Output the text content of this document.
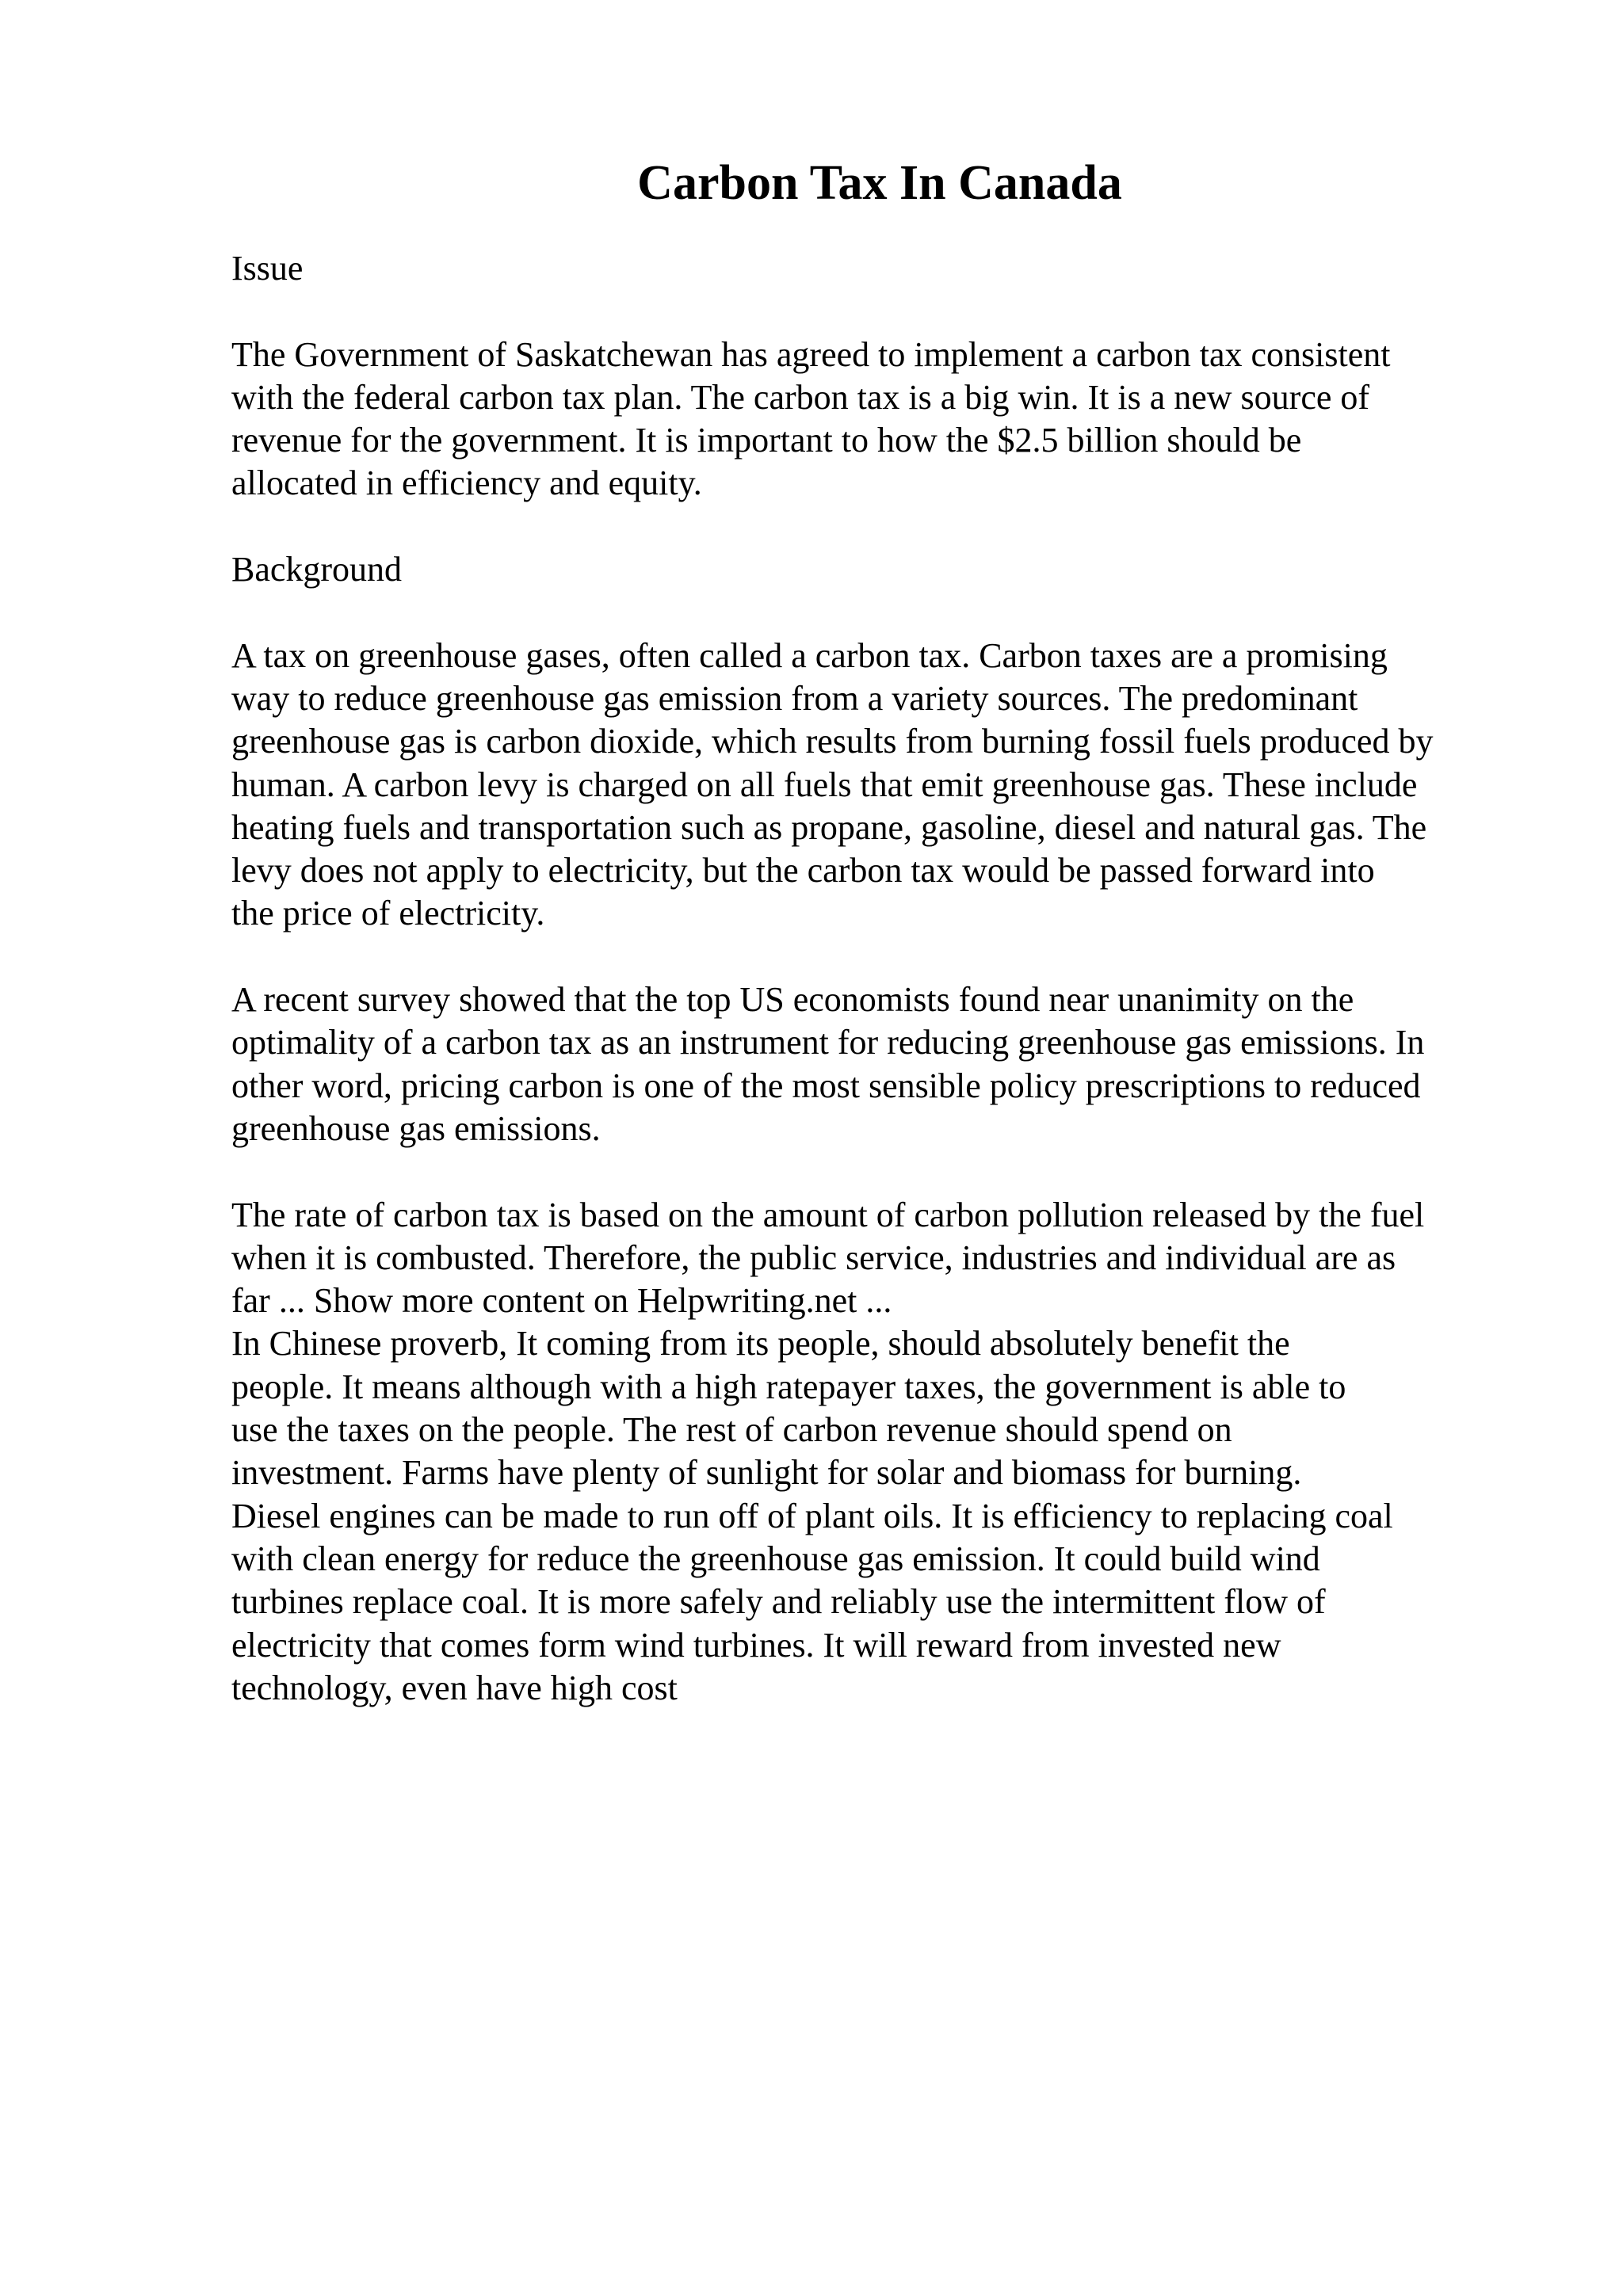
Carbon Tax In Canada
Issue
The Government of Saskatchewan has agreed to implement a carbon tax consistent
with the federal carbon tax plan. The carbon tax is a big win. It is a new source of
revenue for the government. It is important to how the $2.5 billion should be
allocated in efficiency and equity.
Background
A tax on greenhouse gases, often called a carbon tax. Carbon taxes are a promising
way to reduce greenhouse gas emission from a variety sources. The predominant
greenhouse gas is carbon dioxide, which results from burning fossil fuels produced by
human. A carbon levy is charged on all fuels that emit greenhouse gas. These include
heating fuels and transportation such as propane, gasoline, diesel and natural gas. The
levy does not apply to electricity, but the carbon tax would be passed forward into
the price of electricity.
A recent survey showed that the top US economists found near unanimity on the
optimality of a carbon tax as an instrument for reducing greenhouse gas emissions. In
other word, pricing carbon is one of the most sensible policy prescriptions to reduced
greenhouse gas emissions.
The rate of carbon tax is based on the amount of carbon pollution released by the fuel
when it is combusted. Therefore, the public service, industries and individual are as
far ... Show more content on Helpwriting.net ...
In Chinese proverb, It coming from its people, should absolutely benefit the
people. It means although with a high ratepayer taxes, the government is able to
use the taxes on the people. The rest of carbon revenue should spend on
investment. Farms have plenty of sunlight for solar and biomass for burning.
Diesel engines can be made to run off of plant oils. It is efficiency to replacing coal
with clean energy for reduce the greenhouse gas emission. It could build wind
turbines replace coal. It is more safely and reliably use the intermittent flow of
electricity that comes form wind turbines. It will reward from invested new
technology, even have high cost
